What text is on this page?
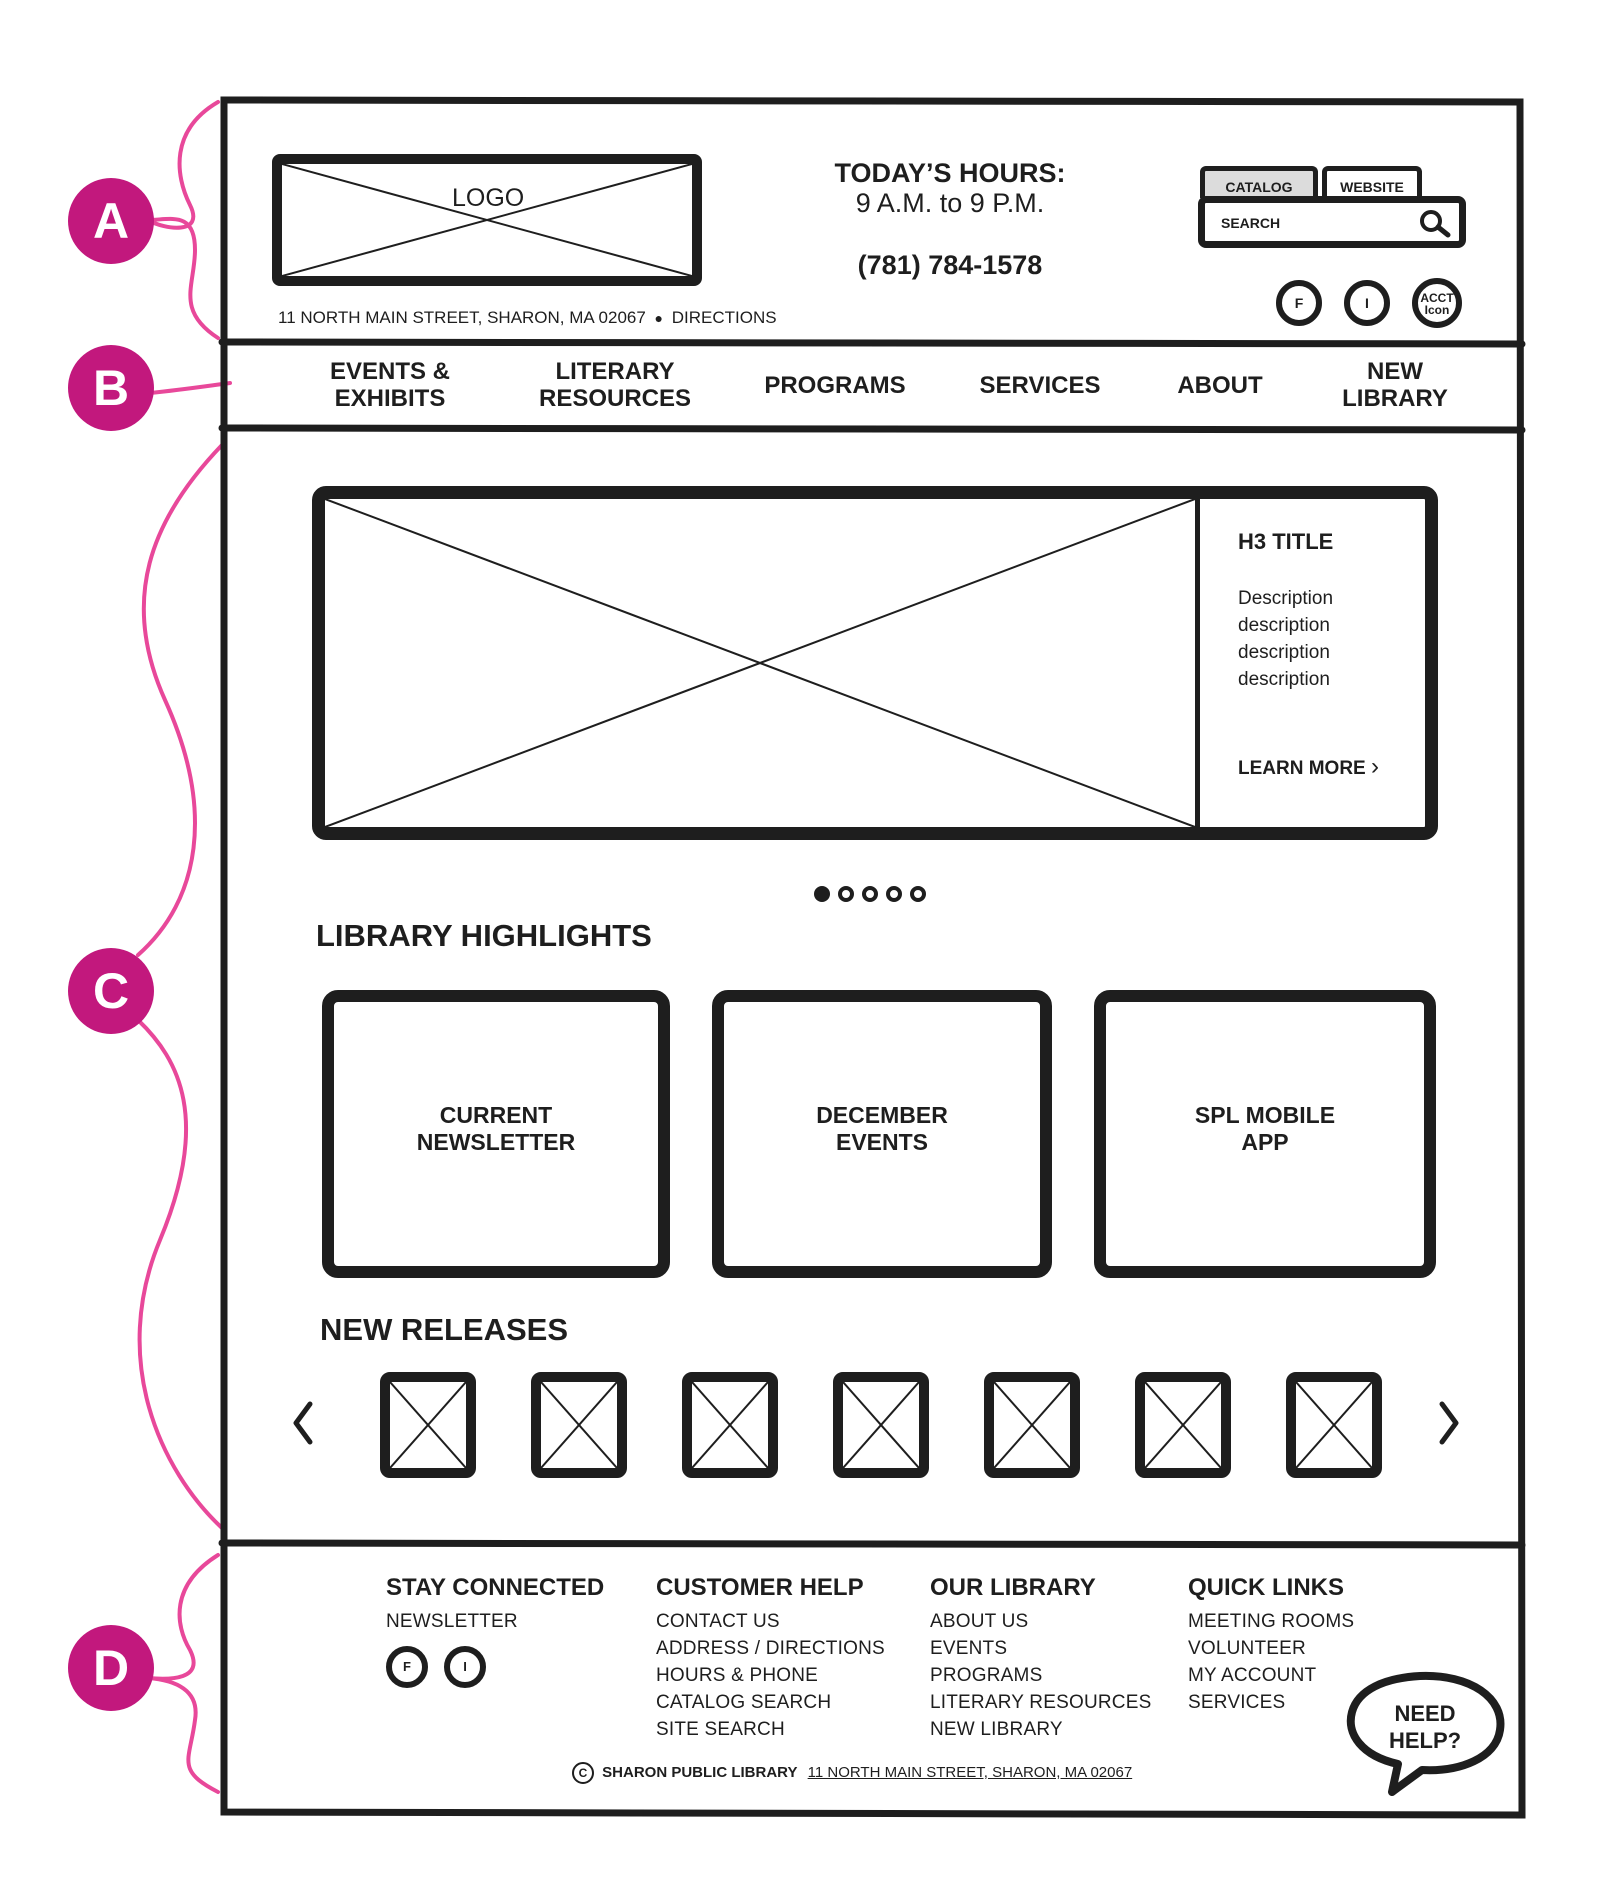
A
B
C
D
LOGO
11 NORTH MAIN STREET, SHARON, MA 02067 ● DIRECTIONS
TODAY’S HOURS:
9 A.M. to 9 P.M.
(781) 784-1578
CATALOG	WEBSITE
SEARCH
F	I	ACCT Icon
EVENTS &
EXHIBITS
LITERARY
RESOURCES	PROGRAMS	SERVICES	ABOUT
NEW
LIBRARY
H3 TITLE
Description
description
description
description
LEARN MORE ›
LIBRARY HIGHLIGHTS
CURRENT
NEWSLETTER
DECEMBER
EVENTS
SPL MOBILE
APP
NEW RELEASES
STAY CONNECTED
NEWSLETTER
F	I
CUSTOMER HELP
CONTACT US
ADDRESS / DIRECTIONS
HOURS & PHONE
CATALOG SEARCH
SITE SEARCH
OUR LIBRARY
ABOUT US
EVENTS
PROGRAMS
LITERARY RESOURCES
NEW LIBRARY
QUICK LINKS
MEETING ROOMS
VOLUNTEER
MY ACCOUNT
SERVICES	NEED
HELP?
C SHARON PUBLIC LIBRARY 11 NORTH MAIN STREET, SHARON, MA 02067
